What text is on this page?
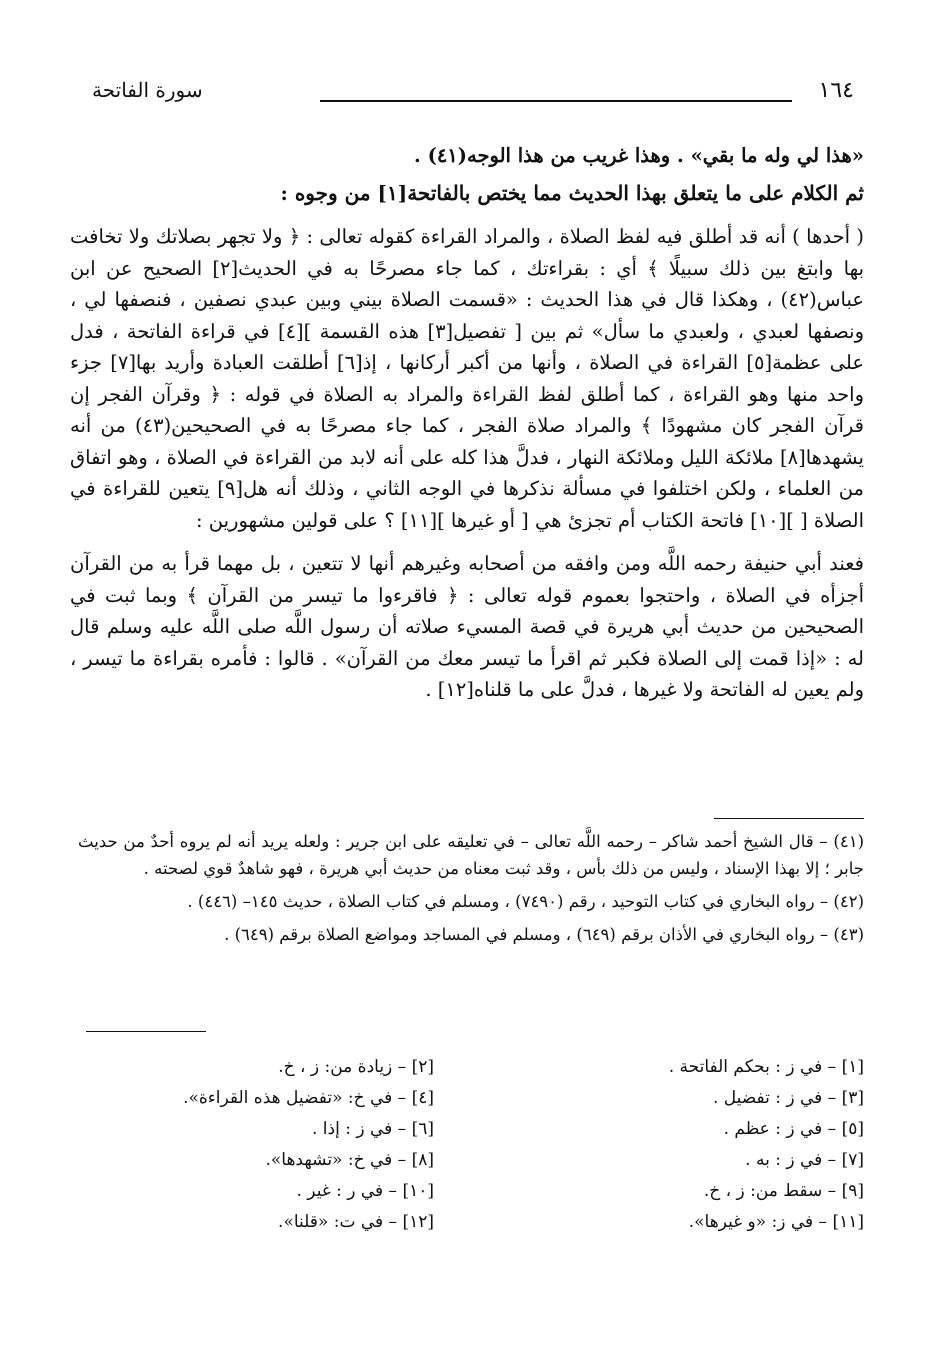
١٦٤
سورة الفاتحة

«هذا لي وله ما بقي» . وهذا غريب من هذا الوجه(٤١) .

ثم الكلام على ما يتعلق بهذا الحديث مما يختص بالفاتحة[١] من وجوه :

( أحدها ) أنه قد أطلق فيه لفظ الصلاة ، والمراد القراءة كقوله تعالى : ﴿ ولا تجهر بصلاتك ولا تخافت بها وابتغ بين ذلك سبيلًا ﴾ أي : بقراءتك ، كما جاء مصرحًا به في الحديث[٢] الصحيح عن ابن عباس(٤٢) ، وهكذا قال في هذا الحديث : «قسمت الصلاة بيني وبين عبدي نصفين ، فنصفها لي ، ونصفها لعبدي ، ولعبدي ما سأل» ثم بين [ تفصيل[٣] هذه القسمة ][٤] في قراءة الفاتحة ، فدل على عظمة[٥] القراءة في الصلاة ، وأنها من أكبر أركانها ، إذ[٦] أطلقت العبادة وأريد بها[٧] جزء واحد منها وهو القراءة ، كما أطلق لفظ القراءة والمراد به الصلاة في قوله : ﴿ وقرآن الفجر إن قرآن الفجر كان مشهودًا ﴾ والمراد صلاة الفجر ، كما جاء مصرحًا به في الصحيحين(٤٣) من أنه يشهدها[٨] ملائكة الليل وملائكة النهار ، فدلَّ هذا كله على أنه لابد من القراءة في الصلاة ، وهو اتفاق من العلماء ، ولكن اختلفوا في مسألة نذكرها في الوجه الثاني ، وذلك أنه هل[٩] يتعين للقراءة في الصلاة [ ][١٠] فاتحة الكتاب أم تجزئ هي [ أو غيرها ][١١] ؟ على قولين مشهورين :

فعند أبي حنيفة رحمه اللَّه ومن وافقه من أصحابه وغيرهم أنها لا تتعين ، بل مهما قرأ به من القرآن أجزأه في الصلاة ، واحتجوا بعموم قوله تعالى : ﴿ فاقرءوا ما تيسر من القرآن ﴾ وبما ثبت في الصحيحين من حديث أبي هريرة في قصة المسيء صلاته أن رسول اللَّه صلى اللَّه عليه وسلم قال له : «إذا قمت إلى الصلاة فكبر ثم اقرأ ما تيسر معك من القرآن» . قالوا : فأمره بقراءة ما تيسر ، ولم يعين له الفاتحة ولا غيرها ، فدلَّ على ما قلناه[١٢] .

(٤١) – قال الشيخ أحمد شاكر – رحمه اللَّه تعالى – في تعليقه على ابن جرير : ولعله يريد أنه لم يروه أحدٌ من حديث جابر ؛ إلا بهذا الإسناد ، وليس من ذلك بأس ، وقد ثبت معناه من حديث أبي هريرة ، فهو شاهدٌ قوي لصحته .

(٤٢) – رواه البخاري في كتاب التوحيد ، رقم (٧٤٩٠) ، ومسلم في كتاب الصلاة ، حديث ١٤٥– (٤٤٦) .

(٤٣) – رواه البخاري في الأذان برقم (٦٤٩) ، ومسلم في المساجد ومواضع الصلاة برقم (٦٤٩) .

[١] – في ز : بحكم الفاتحة .
[٣] – في ز : تفضيل .
[٥] – في ز : عظم .
[٧] – في ز : به .
[٩] – سقط من: ز ، خ.
[١١] – في ز: «و غيرها».
[٢] – زيادة من: ز ، خ.
[٤] – في خ: «تفضيل هذه القراءة».
[٦] – في ز : إذا .
[٨] – في خ: «تشهدها».
[١٠] – في ر : غير .
[١٢] – في ت: «قلنا».
